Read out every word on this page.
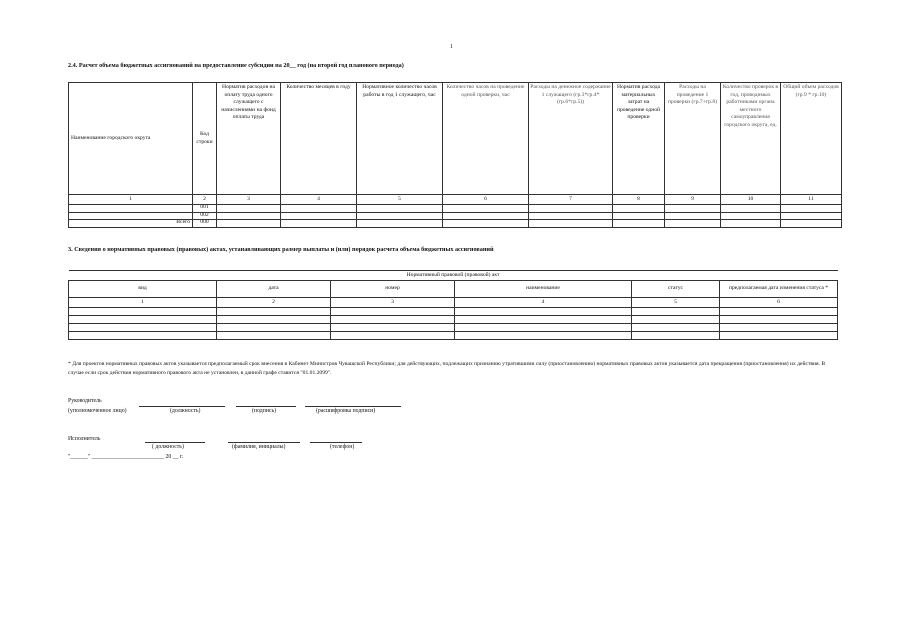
1
2.4. Расчет объема бюджетных ассигнований на предоставление субсидии на 20__ год (на второй год планового периода)
Наименование городского округа	Код строки	Норматив расходов на оплату труда одного служащего с начислениями на фонд оплаты труда	Количество месяцев в году	Нормативное количество часов работы в год 1 служащего, час	Количество часов на проведение одной проверки, час	Расходы на денежное содержание 1 служащего (гр.3*гр.4*(гр.6*гр.5))	Норматив расхода материальных затрат на проведение одной проверки	Расходы на проведение 1 проверки (гр.7+гр.8)	Количество проверок в год, проводимых работниками органа местного самоуправления городского округа, ед.	Общий объем расходов (гр.9 * гр.10)
1	2	3	4	5	6	7	8	9	10	11
	001									
	002									
Всего	000									
3. Сведения о нормативных правовых (правовых) актах, устанавливающих размер выплаты и (или) порядок расчета объема бюджетных ассигнований
Нормативный правовой (правовой) акт					
вид	дата	номер	наименование	статус	предполагаемая дата изменения статуса *
1	2	3	4	5	6

* Для проектов нормативных правовых актов указывается предполагаемый срок внесения в Кабинет Министров Чувашской Республики; для действующих, подлежащих признанию утратившими силу (приостановлению) нормативных правовых актов указывается дата прекращения (приостановления) их действия. В случае если срок действия нормативного правового акта не установлен, в данной графе ставится "01.01.2099".
Руководитель
(уполномоченное лицо)	(должность)	(подпись)	(расшифровка подписи)
Исполнитель
( должность)	(фамилия, инициалы)	(телефон)
"______" _________________________ 20 __ г.
